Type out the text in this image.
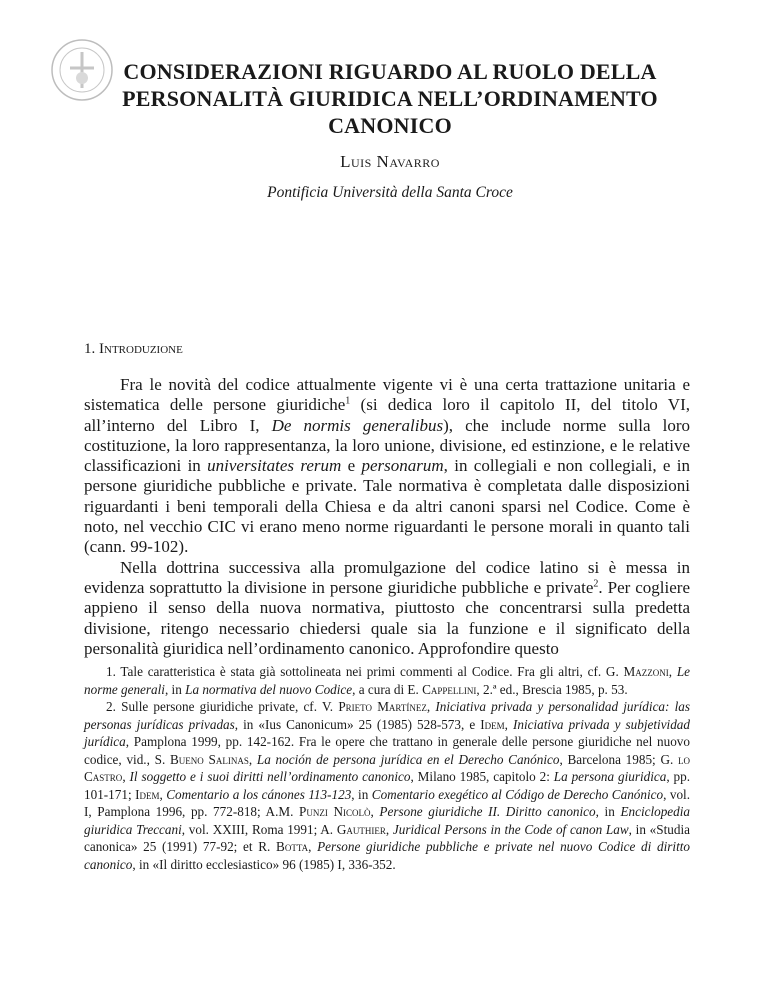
CONSIDERAZIONI RIGUARDO AL RUOLO DELLA PERSONALITÀ GIURIDICA NELL’ORDINAMENTO CANONICO
Luis Navarro
Pontificia Università della Santa Croce
1. Introduzione

Fra le novità del codice attualmente vigente vi è una certa trattazione unitaria e sistematica delle persone giuridiche$^1$ (si dedica loro il capitolo II, del titolo VI, all’interno del Libro I, De normis generalibus), che include norme sulla loro costituzione, la loro rappresentanza, la loro unione, divisione, ed estinzione, e le relative classificazioni in universitates rerum e personarum, in collegiali e non collegiali, e in persone giuridiche pubbliche e private. Tale normativa è completata dalle disposizioni riguardanti i beni temporali della Chiesa e da altri canoni sparsi nel Codice. Come è noto, nel vecchio CIC vi erano meno norme riguardanti le persone morali in quanto tali (cann. 99-102).

Nella dottrina successiva alla promulgazione del codice latino si è messa in evidenza soprattutto la divisione in persone giuridiche pubbliche e private$^2$. Per cogliere appieno il senso della nuova normativa, piuttosto che concentrarsi sulla predetta divisione, ritengo necessario chiedersi quale sia la funzione e il significato della personalità giuridica nell’ordinamento canonico. Approfondire questo

1. Tale caratteristica è stata già sottolineata nei primi commenti al Codice. Fra gli altri, cf. G. Mazzoni, Le norme generali, in La normativa del nuovo Codice, a cura di E. Cappellini, 2.ª ed., Brescia 1985, p. 53.

2. Sulle persone giuridiche private, cf. V. Prieto Martínez, Iniciativa privada y personalidad jurídica: las personas jurídicas privadas, in «Ius Canonicum» 25 (1985) 528-573, e Idem, Iniciativa privada y subjetividad jurídica, Pamplona 1999, pp. 142-162. Fra le opere che trattano in generale delle persone giuridiche nel nuovo codice, vid., S. Bueno Salinas, La noción de persona jurídica en el Derecho Canónico, Barcelona 1985; G. lo Castro, Il soggetto e i suoi diritti nell’ordinamento canonico, Milano 1985, capitolo 2: La persona giuridica, pp. 101-171; Idem, Comentario a los cánones 113-123, in Comentario exegético al Código de Derecho Canónico, vol. I, Pamplona 1996, pp. 772-818; A.M. Punzi Nicolò, Persone giuridiche II. Diritto canonico, in Enciclopedia giuridica Treccani, vol. XXIII, Roma 1991; A. Gauthier, Juridical Persons in the Code of canon Law, in «Studia canonica» 25 (1991) 77-92; et R. Botta, Persone giuridiche pubbliche e private nel nuovo Codice di diritto canonico, in «Il diritto ecclesiastico» 96 (1985) I, 336-352.
